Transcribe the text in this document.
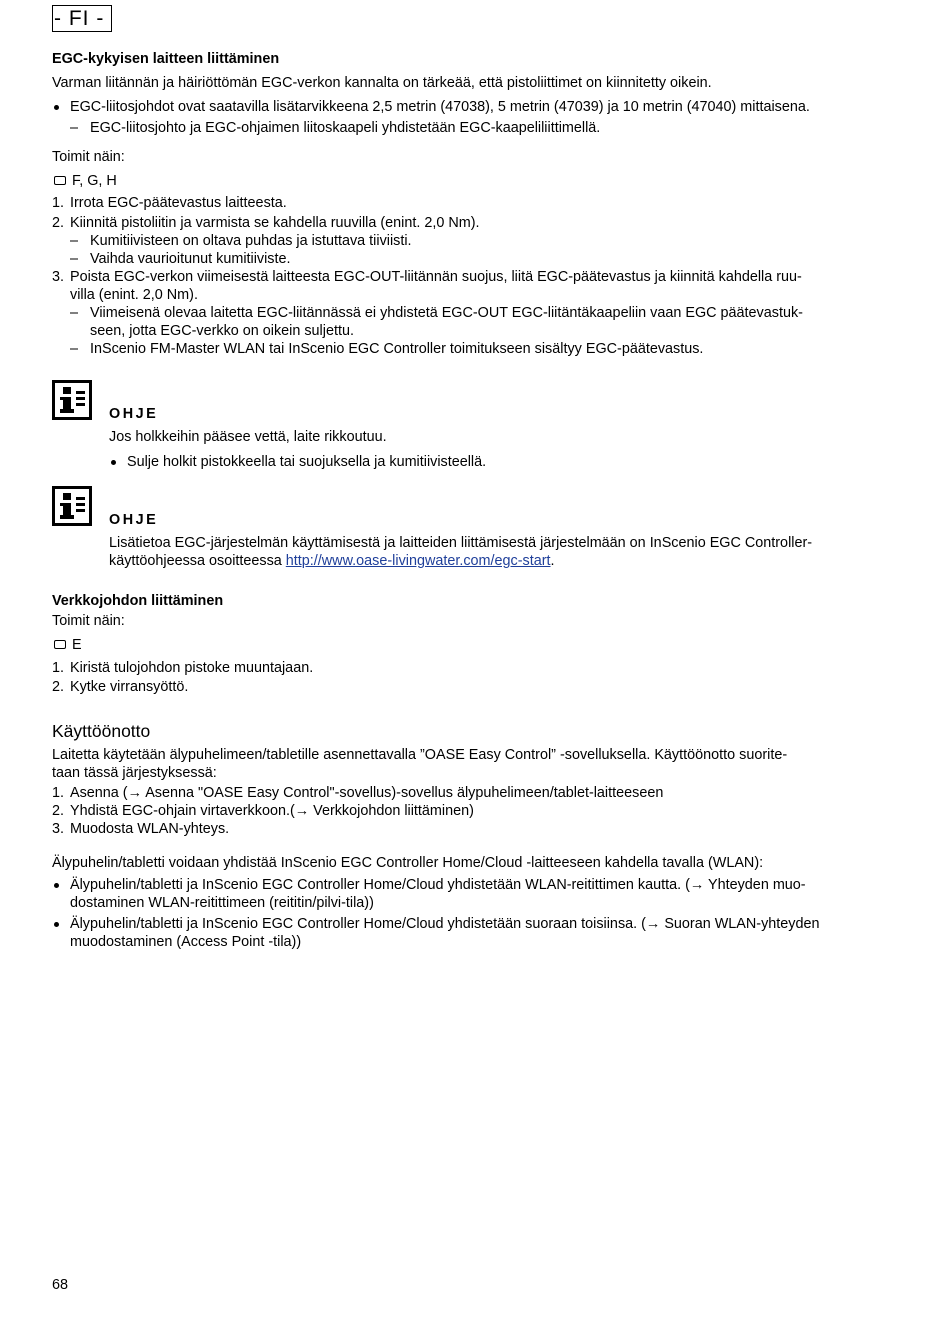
- FI -

EGC-kykyisen laitteen liittäminen

Varman liitännän ja häiriöttömän EGC-verkon kannalta on tärkeää, että pistoliittimet on kiinnitetty oikein.

EGC-liitosjohdot ovat saatavilla lisätarvikkeena 2,5 metrin (47038), 5 metrin (47039) ja 10 metrin (47040) mittaisena.
– EGC-liitosjohto ja EGC-ohjaimen liitoskaapeli yhdistetään EGC-kaapeliliittimellä.

Toimit näin:

F, G, H
1. Irrota EGC-päätevastus laitteesta.
2. Kiinnitä pistoliitin ja varmista se kahdella ruuvilla (enint. 2,0 Nm).
– Kumitiivisteen on oltava puhdas ja istuttava tiiviisti.
– Vaihda vaurioitunut kumitiiviste.
3. Poista EGC-verkon viimeisestä laitteesta EGC-OUT-liitännän suojus, liitä EGC-päätevastus ja kiinnitä kahdella ruu-
villa (enint. 2,0 Nm).
– Viimeisenä olevaa laitetta EGC-liitännässä ei yhdistetä EGC-OUT EGC-liitäntäkaapeliin vaan EGC päätevastuk-
seen, jotta EGC-verkko on oikein suljettu.
– InScenio FM-Master WLAN tai InScenio EGC Controller toimitukseen sisältyy EGC-päätevastus.

OHJE

Jos holkkeihin pääsee vettä, laite rikkoutuu.

Sulje holkit pistokkeella tai suojuksella ja kumitiivisteellä.

OHJE

Lisätietoa EGC-järjestelmän käyttämisestä ja laitteiden liittämisestä järjestelmään on InScenio EGC Controller-
käyttöohjeessa osoitteessa http://www.oase-livingwater.com/egc-start.

Verkkojohdon liittäminen

Toimit näin:

E
1. Kiristä tulojohdon pistoke muuntajaan.
2. Kytke virransyöttö.

Käyttöönotto

Laitetta käytetään älypuhelimeen/tabletille asennettavalla ”OASE Easy Control” -sovelluksella. Käyttöönotto suorite-
taan tässä järjestyksessä:

1. Asenna (→ Asenna "OASE Easy Control"-sovellus)-sovellus älypuhelimeen/tablet-laitteeseen
2. Yhdistä EGC-ohjain virtaverkkoon.(→ Verkkojohdon liittäminen)
3. Muodosta WLAN-yhteys.

Älypuhelin/tabletti voidaan yhdistää InScenio EGC Controller Home/Cloud -laitteeseen kahdella tavalla (WLAN):

Älypuhelin/tabletti ja InScenio EGC Controller Home/Cloud yhdistetään WLAN-reitittimen kautta. (→ Yhteyden muo-
dostaminen WLAN-reitittimeen (reititin/pilvi-tila))
Älypuhelin/tabletti ja InScenio EGC Controller Home/Cloud yhdistetään suoraan toisiinsa. (→ Suoran WLAN-yhteyden
muodostaminen (Access Point -tila))
68
